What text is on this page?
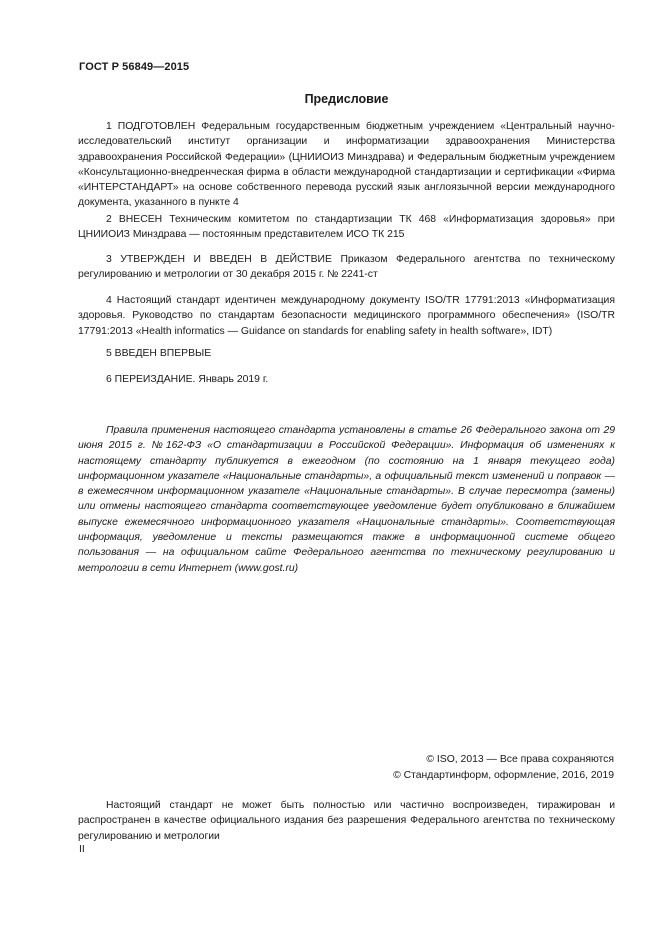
ГОСТ Р 56849—2015
Предисловие

1 ПОДГОТОВЛЕН Федеральным государственным бюджетным учреждением «Центральный научно-исследовательский институт организации и информатизации здравоохранения Министерства здравоохранения Российской Федерации» (ЦНИИОИЗ Минздрава) и Федеральным бюджетным учреждением «Консультационно-внедренческая фирма в области международной стандартизации и сертификации «Фирма «ИНТЕРСТАНДАРТ» на основе собственного перевода русский язык англоязычной версии международного документа, указанного в пункте 4

2 ВНЕСЕН Техническим комитетом по стандартизации ТК 468 «Информатизация здоровья» при ЦНИИОИЗ Минздрава — постоянным представителем ИСО ТК 215

3 УТВЕРЖДЕН И ВВЕДЕН В ДЕЙСТВИЕ Приказом Федерального агентства по техническому регулированию и метрологии от 30 декабря 2015 г. № 2241-ст

4 Настоящий стандарт идентичен международному документу ISO/TR 17791:2013 «Информатизация здоровья. Руководство по стандартам безопасности медицинского программного обеспечения» (ISO/TR 17791:2013 «Health informatics — Guidance on standards for enabling safety in health software», IDT)

5 ВВЕДЕН ВПЕРВЫЕ

6 ПЕРЕИЗДАНИЕ. Январь 2019 г.

Правила применения настоящего стандарта установлены в статье 26 Федерального закона от 29 июня 2015 г. №162-ФЗ «О стандартизации в Российской Федерации». Информация об изменениях к настоящему стандарту публикуется в ежегодном (по состоянию на 1 января текущего года) информационном указателе «Национальные стандарты», а официальный текст изменений и поправок — в ежемесячном информационном указателе «Национальные стандарты». В случае пересмотра (замены) или отмены настоящего стандарта соответствующее уведомление будет опубликовано в ближайшем выпуске ежемесячного информационного указателя «Национальные стандарты». Соответствующая информация, уведомление и тексты размещаются также в информационной системе общего пользования — на официальном сайте Федерального агентства по техническому регулированию и метрологии в сети Интернет (www.gost.ru)

© ISO, 2013 — Все права сохраняются
© Стандартинформ, оформление, 2016, 2019

Настоящий стандарт не может быть полностью или частично воспроизведен, тиражирован и распространен в качестве официального издания без разрешения Федерального агентства по техническому регулированию и метрологии

II
